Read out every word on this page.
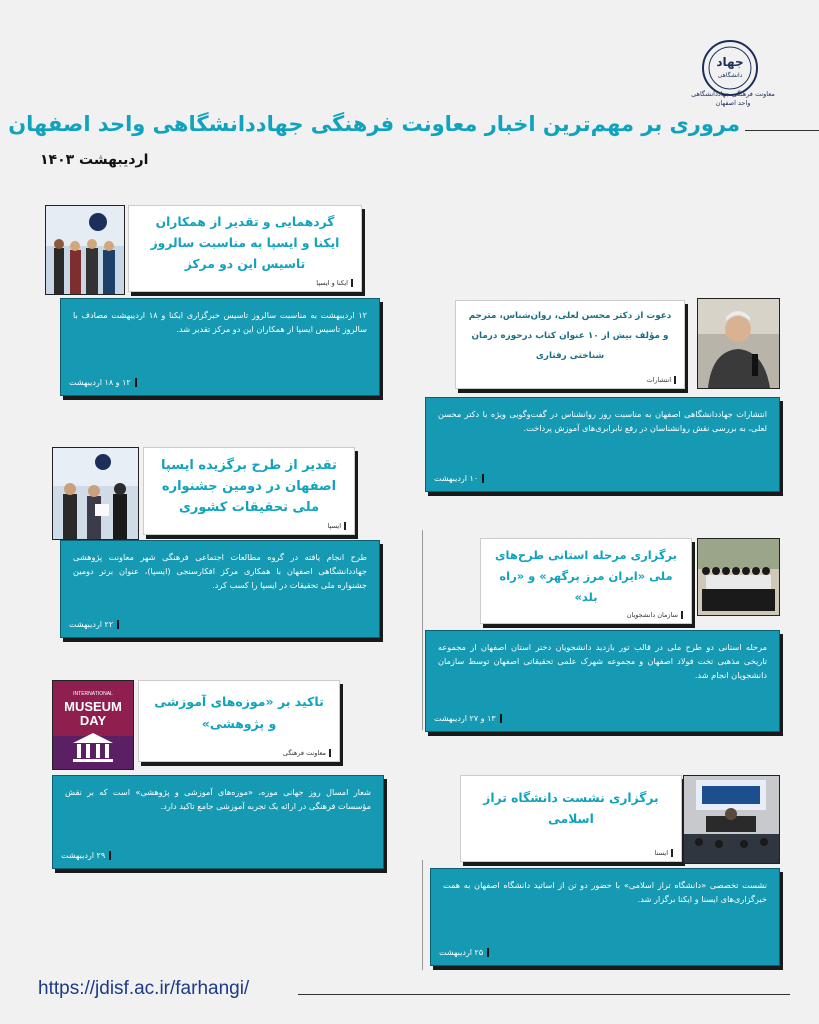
جهاد
دانشگاهی
معاونت فرهنگی جهاددانشگاهی
واحد اصفهان
مروری بر مهم‌ترین اخبار معاونت فرهنگی جهاددانشگاهی واحد اصفهان
اردیبهشت ۱۴۰۳
گردهمایی و تقدیر از همکاران ایکنا و ایسپا به مناسبت سالروز تاسیس این دو مرکز
ایکنا و ایسپا
۱۲ اردیبهشت به مناسبت سالروز تاسیس خبرگزاری ایکنا و ۱۸ اردیبهشت مصادف با سالروز تاسیس ایسپا از همکاران این دو مرکز تقدیر شد.
۱۲ و ۱۸ اردیبهشت
دعوت از دکتر محسن لعلی، روان‌شناس، مترجم و مؤلف بیش از ۱۰ عنوان کتاب درحوزه درمان شناختی رفتاری
انتشارات
انتشارات جهاددانشگاهی اصفهان به مناسبت روز روانشناس در گفت‌وگویی ویژه با دکتر محسن لعلی، به بررسی نقش روانشناسان در رفع نابرابری‌های آموزش پرداخت.
۱۰ اردیبهشت
تقدیر از طرح برگزیده ایسپا اصفهان در دومین جشنواره ملی تحقیقات کشوری
ایسپا
طرح انجام یافته در گروه مطالعات اجتماعی فرهنگی شهر معاونت پژوهشی جهاددانشگاهی اصفهان با همکاری مرکز افکارسنجی (ایسپا)، عنوان برتر دومین جشنواره ملی تحقیقات در ایسپا را کسب کرد.
۲۲ اردیبهشت
برگزاری مرحله استانی طرح‌های ملی «ایران مرز پرگهر» و «راه بلد»
سازمان دانشجویان
مرحله استانی دو طرح ملی در قالب تور بازدید دانشجویان دختر استان اصفهان از مجموعه تاریخی مذهبی تخت فولاد اصفهان و مجموعه شهرک علمی تحقیقاتی اصفهان توسط سازمان دانشجویان انجام شد.
۱۳ و ۲۷ اردیبهشت
INTERNATIONAL
MUSEUM
DAY
تاکید بر «موزه‌های آموزشی و پژوهشی»
معاونت فرهنگی
شعار امسال روز جهانی موزه، «موزه‌های آموزشی و پژوهشی» است که بر نقش مؤسسات فرهنگی در ارائه یک تجربه آموزشی جامع تاکید دارد.
۲۹ اردیبهشت
برگزاری نشست دانشگاه تراز اسلامی
ایسنا
نشست تخصصی «دانشگاه تراز اسلامی» با حضور دو تن از اساتید دانشگاه اصفهان به همت خبرگزاری‌های ایسنا و ایکنا برگزار شد.
۲۵ اردیبهشت
https://jdisf.ac.ir/farhangi/
